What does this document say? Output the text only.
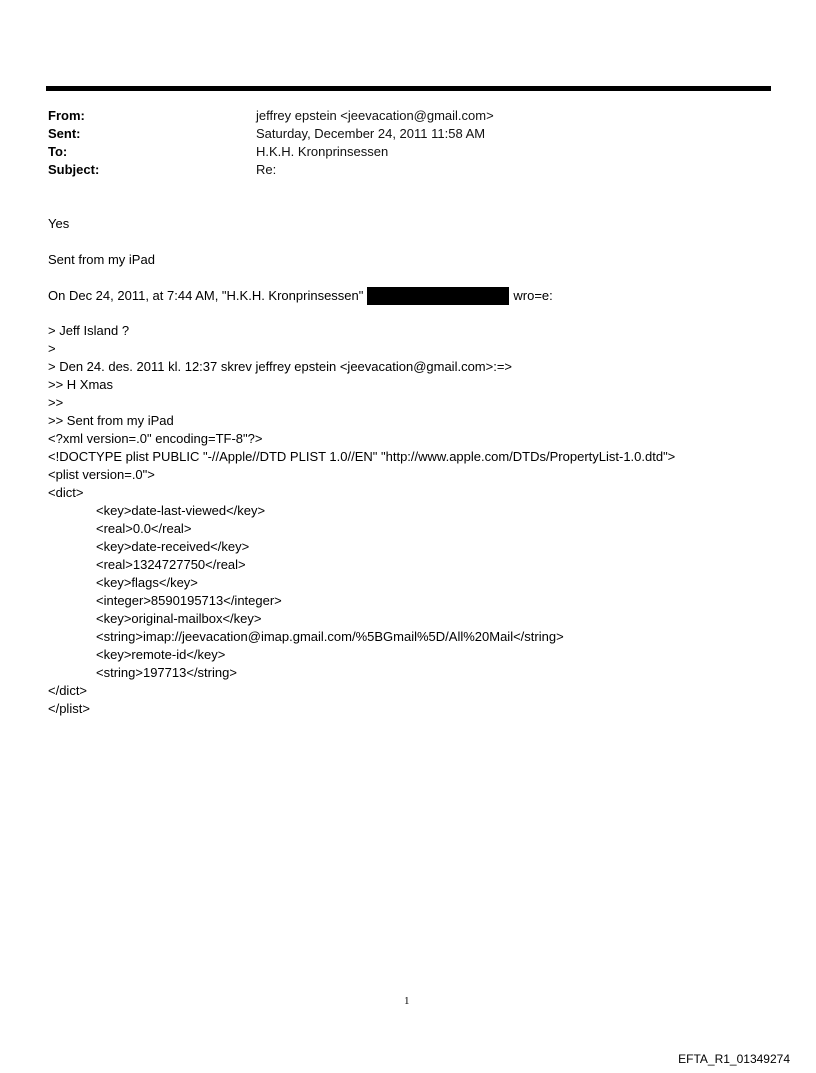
From:	jeffrey epstein <jeevacation@gmail.com>
Sent:	Saturday, December 24, 2011 11:58 AM
To:	H.K.H. Kronprinsessen
Subject:	Re:
Yes
Sent from my iPad
On Dec 24, 2011, at 7:44 AM, "H.K.H. Kronprinsessen"	wro=e:
> Jeff Island ?
>
> Den 24. des. 2011 kl. 12:37 skrev jeffrey epstein <jeevacation@gmail.com>:=>
>> H Xmas
>>
>> Sent from my iPad
<?xml version=.0" encoding=TF-8"?>
<!DOCTYPE plist PUBLIC "-//Apple//DTD PLIST 1.0//EN" "http://www.apple.com/DTDs/PropertyList-1.0.dtd">
<plist version=.0">
<dict>
<key>date-last-viewed</key>
<real>0.0</real>
<key>date-received</key>
<real>1324727750</real>
<key>flags</key>
<integer>8590195713</integer>
<key>original-mailbox</key>
<string>imap://jeevacation@imap.gmail.com/%5BGmail%5D/All%20Mail</string>
<key>remote-id</key>
<string>197713</string>
</dict>
</plist>
1
EFTA_R1_01349274
